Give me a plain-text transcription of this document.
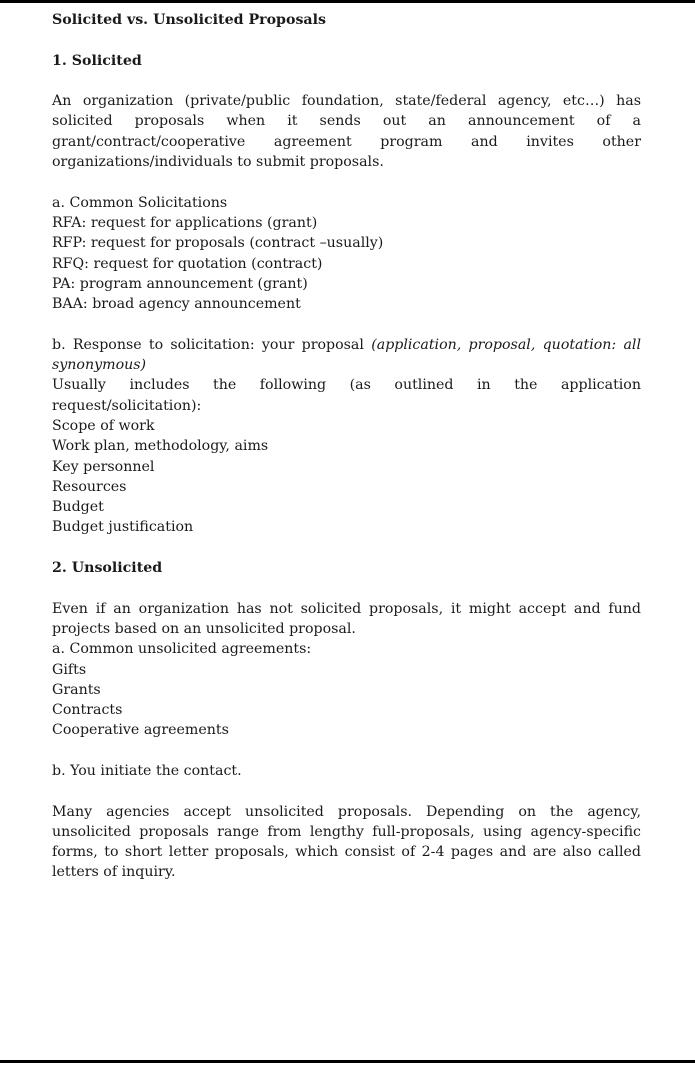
Solicited vs. Unsolicited Proposals

1. Solicited

An organization (private/public foundation, state/federal agency, etc…) has solicited proposals when it sends out an announcement of a grant/contract/cooperative agreement program and invites other organizations/individuals to submit proposals.

a. Common Solicitations

RFA: request for applications (grant)
RFP: request for proposals (contract –usually)
RFQ: request for quotation (contract)
PA: program announcement (grant)
BAA: broad agency announcement

b. Response to solicitation: your proposal (application, proposal, quotation: all synonymous)

Usually includes the following (as outlined in the application request/solicitation):

Scope of work
Work plan, methodology, aims
Key personnel
Resources
Budget
Budget justification

2. Unsolicited

Even if an organization has not solicited proposals, it might accept and fund projects based on an unsolicited proposal.

a. Common unsolicited agreements:

Gifts
Grants
Contracts
Cooperative agreements

b. You initiate the contact.

Many agencies accept unsolicited proposals. Depending on the agency, unsolicited proposals range from lengthy full-proposals, using agency-specific forms, to short letter proposals, which consist of 2-4 pages and are also called letters of inquiry.
